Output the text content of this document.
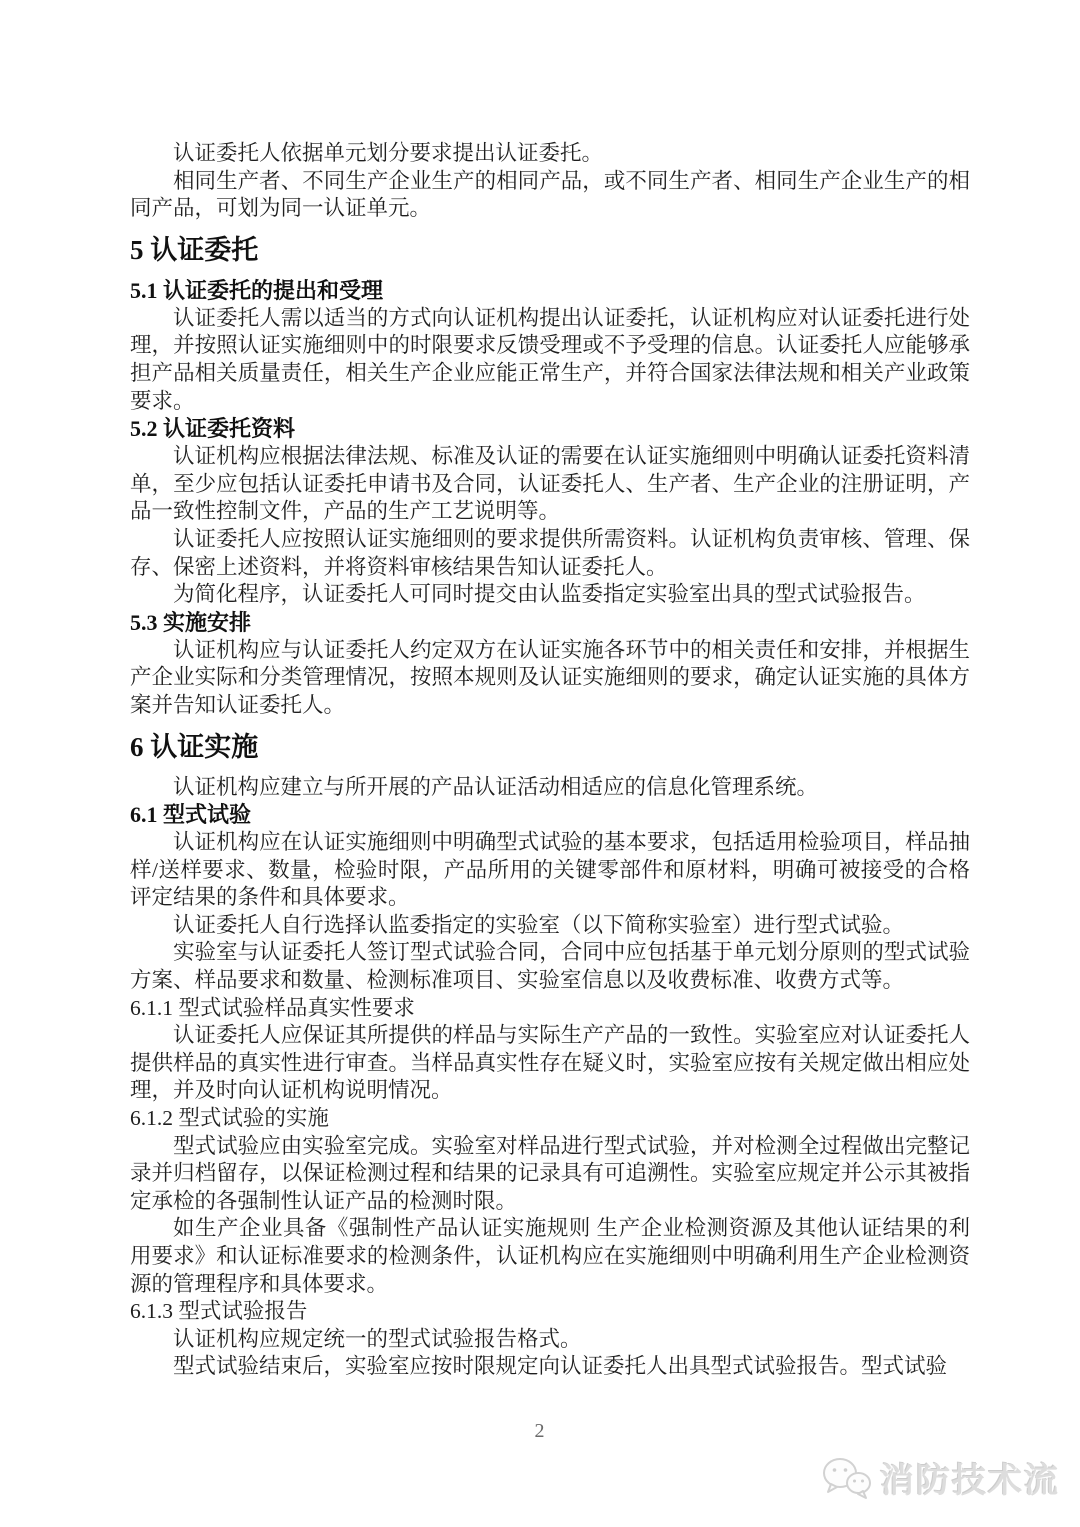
认证委托人依据单元划分要求提出认证委托。

相同生产者、不同生产企业生产的相同产品，或不同生产者、相同生产企业生产的相同产品，可划为同一认证单元。

5 认证委托

5.1 认证委托的提出和受理

认证委托人需以适当的方式向认证机构提出认证委托，认证机构应对认证委托进行处理，并按照认证实施细则中的时限要求反馈受理或不予受理的信息。认证委托人应能够承担产品相关质量责任，相关生产企业应能正常生产，并符合国家法律法规和相关产业政策要求。

5.2 认证委托资料

认证机构应根据法律法规、标准及认证的需要在认证实施细则中明确认证委托资料清单，至少应包括认证委托申请书及合同，认证委托人、生产者、生产企业的注册证明，产品一致性控制文件，产品的生产工艺说明等。

认证委托人应按照认证实施细则的要求提供所需资料。认证机构负责审核、管理、保存、保密上述资料，并将资料审核结果告知认证委托人。

为简化程序，认证委托人可同时提交由认监委指定实验室出具的型式试验报告。

5.3 实施安排

认证机构应与认证委托人约定双方在认证实施各环节中的相关责任和安排，并根据生产企业实际和分类管理情况，按照本规则及认证实施细则的要求，确定认证实施的具体方案并告知认证委托人。

6 认证实施

认证机构应建立与所开展的产品认证活动相适应的信息化管理系统。

6.1 型式试验

认证机构应在认证实施细则中明确型式试验的基本要求，包括适用检验项目，样品抽样/送样要求、数量，检验时限，产品所用的关键零部件和原材料，明确可被接受的合格评定结果的条件和具体要求。

认证委托人自行选择认监委指定的实验室（以下简称实验室）进行型式试验。

实验室与认证委托人签订型式试验合同，合同中应包括基于单元划分原则的型式试验方案、样品要求和数量、检测标准项目、实验室信息以及收费标准、收费方式等。

6.1.1 型式试验样品真实性要求

认证委托人应保证其所提供的样品与实际生产产品的一致性。实验室应对认证委托人提供样品的真实性进行审查。当样品真实性存在疑义时，实验室应按有关规定做出相应处理，并及时向认证机构说明情况。

6.1.2 型式试验的实施

型式试验应由实验室完成。实验室对样品进行型式试验，并对检测全过程做出完整记录并归档留存，以保证检测过程和结果的记录具有可追溯性。实验室应规定并公示其被指定承检的各强制性认证产品的检测时限。

如生产企业具备《强制性产品认证实施规则 生产企业检测资源及其他认证结果的利用要求》和认证标准要求的检测条件，认证机构应在实施细则中明确利用生产企业检测资源的管理程序和具体要求。

6.1.3 型式试验报告

认证机构应规定统一的型式试验报告格式。

型式试验结束后，实验室应按时限规定向认证委托人出具型式试验报告。型式试验

2
消防技术流
